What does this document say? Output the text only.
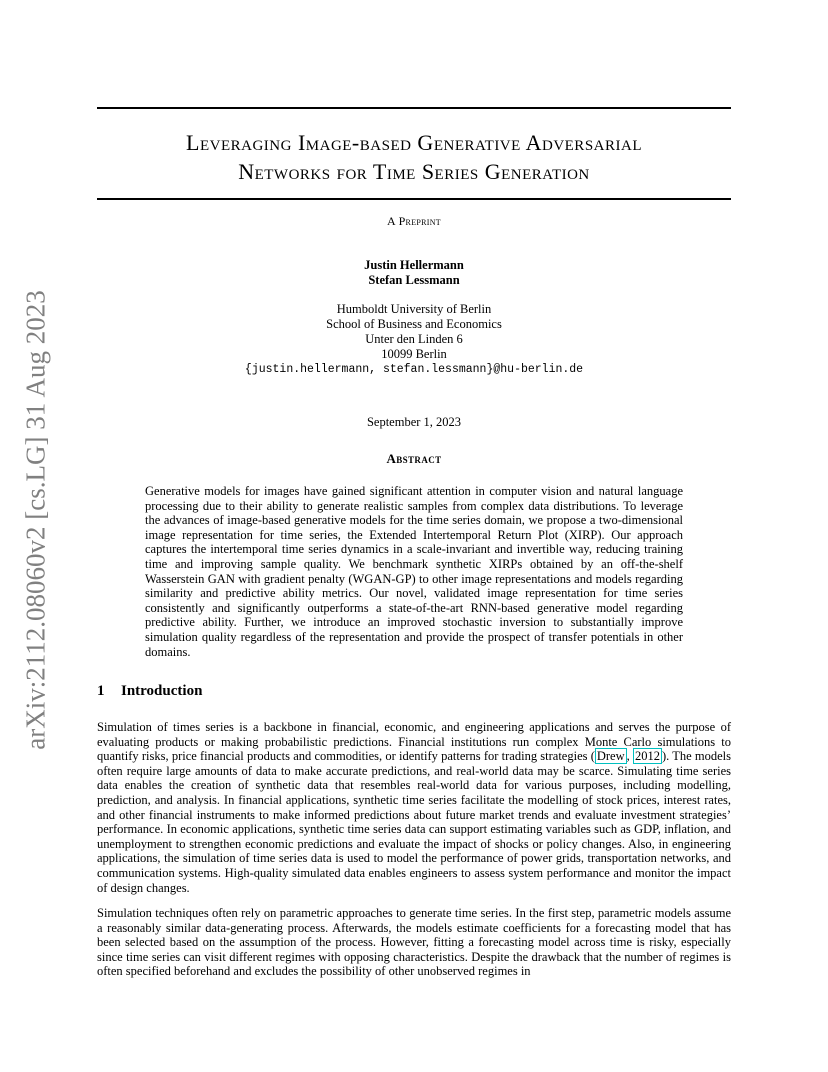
arXiv:2112.08060v2 [cs.LG] 31 Aug 2023
Leveraging Image-based Generative Adversarial
Networks for Time Series Generation
A Preprint
Justin Hellermann
Stefan Lessmann
Humboldt University of Berlin
School of Business and Economics
Unter den Linden 6
10099 Berlin
{justin.hellermann, stefan.lessmann}@hu-berlin.de
September 1, 2023
Abstract
Generative models for images have gained significant attention in computer vision and natural language processing due to their ability to generate realistic samples from complex data distributions. To leverage the advances of image-based generative models for the time series domain, we propose a two-dimensional image representation for time series, the Extended Intertemporal Return Plot (XIRP). Our approach captures the intertemporal time series dynamics in a scale-invariant and invertible way, reducing training time and improving sample quality. We benchmark synthetic XIRPs obtained by an off-the-shelf Wasserstein GAN with gradient penalty (WGAN-GP) to other image representations and models regarding similarity and predictive ability metrics. Our novel, validated image representation for time series consistently and significantly outperforms a state-of-the-art RNN-based generative model regarding predictive ability. Further, we introduce an improved stochastic inversion to substantially improve simulation quality regardless of the representation and provide the prospect of transfer potentials in other domains.
1 Introduction
Simulation of times series is a backbone in financial, economic, and engineering applications and serves the purpose of evaluating products or making probabilistic predictions. Financial institutions run complex Monte Carlo simulations to quantify risks, price financial products and commodities, or identify patterns for trading strategies ( Drew , 2012 ). The models often require large amounts of data to make accurate predictions, and real-world data may be scarce. Simulating time series data enables the creation of synthetic data that resembles real-world data for various purposes, including modelling, prediction, and analysis. In financial applications, synthetic time series facilitate the modelling of stock prices, interest rates, and other financial instruments to make informed predictions about future market trends and evaluate investment strategies’ performance. In economic applications, synthetic time series data can support estimating variables such as GDP, inflation, and unemployment to strengthen economic predictions and evaluate the impact of shocks or policy changes. Also, in engineering applications, the simulation of time series data is used to model the performance of power grids, transportation networks, and communication systems. High-quality simulated data enables engineers to assess system performance and monitor the impact of design changes.
Simulation techniques often rely on parametric approaches to generate time series. In the first step, parametric models assume a reasonably similar data-generating process. Afterwards, the models estimate coefficients for a forecasting model that has been selected based on the assumption of the process. However, fitting a forecasting model across time is risky, especially since time series can visit different regimes with opposing characteristics. Despite the drawback that the number of regimes is often specified beforehand and excludes the possibility of other unobserved regimes in
